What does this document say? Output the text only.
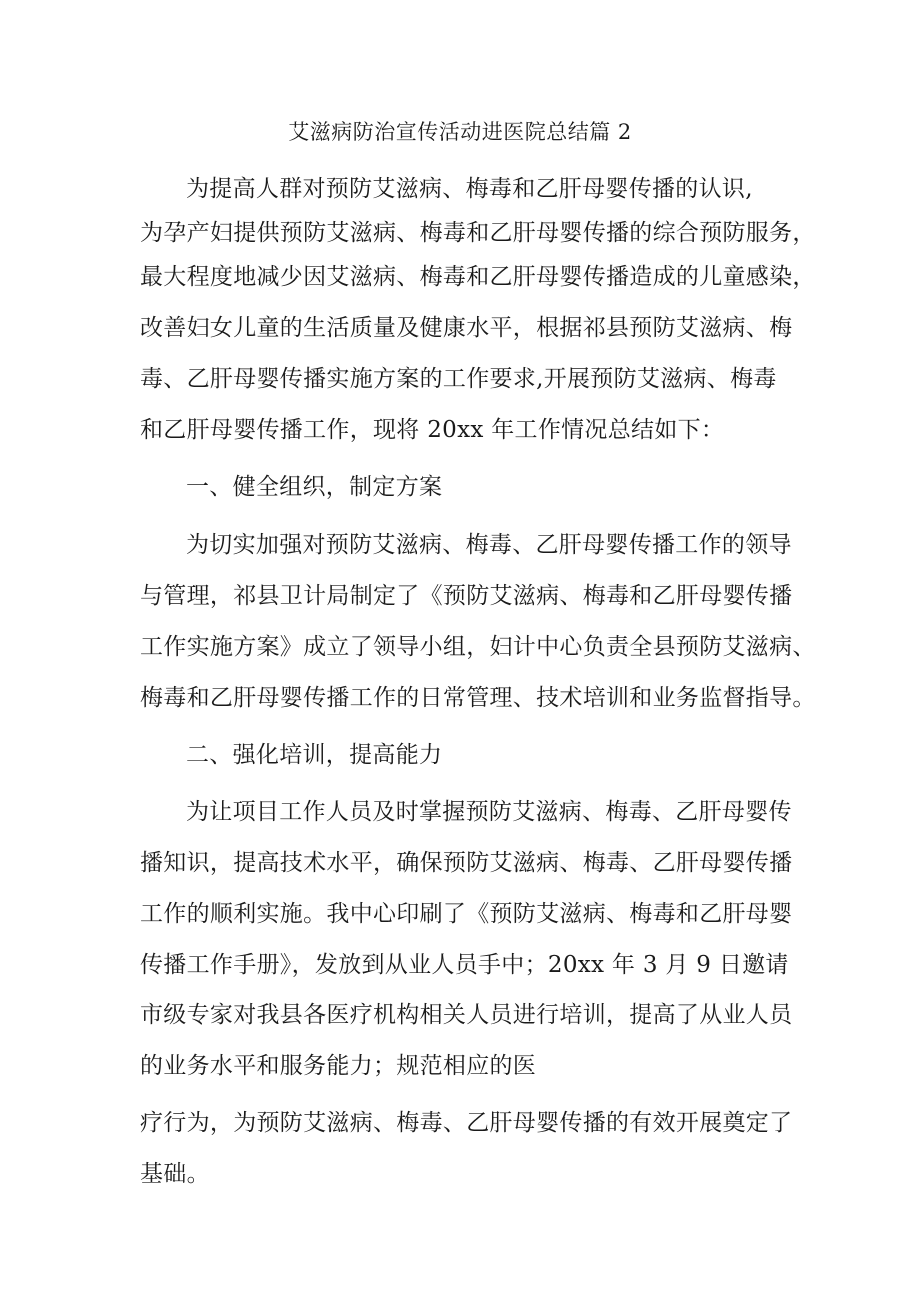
艾滋病防治宣传活动进医院总结篇 2
为提高人群对预防艾滋病、梅毒和乙肝母婴传播的认识,
为孕产妇提供预防艾滋病、梅毒和乙肝母婴传播的综合预防服务，
最大程度地减少因艾滋病、梅毒和乙肝母婴传播造成的儿童感染，
改善妇女儿童的生活质量及健康水平，根据祁县预防艾滋病、梅
毒、乙肝母婴传播实施方案的工作要求,开展预防艾滋病、梅毒
和乙肝母婴传播工作，现将 20xx 年工作情况总结如下：
一、健全组织，制定方案
为切实加强对预防艾滋病、梅毒、乙肝母婴传播工作的领导
与管理，祁县卫计局制定了《预防艾滋病、梅毒和乙肝母婴传播
工作实施方案》成立了领导小组，妇计中心负责全县预防艾滋病、
梅毒和乙肝母婴传播工作的日常管理、技术培训和业务监督指导。
二、强化培训，提高能力
为让项目工作人员及时掌握预防艾滋病、梅毒、乙肝母婴传
播知识，提高技术水平，确保预防艾滋病、梅毒、乙肝母婴传播
工作的顺利实施。我中心印刷了《预防艾滋病、梅毒和乙肝母婴
传播工作手册》，发放到从业人员手中；20xx 年 3 月 9 日邀请
市级专家对我县各医疗机构相关人员进行培训，提高了从业人员
的业务水平和服务能力；规范相应的医
疗行为，为预防艾滋病、梅毒、乙肝母婴传播的有效开展奠定了
基础。
